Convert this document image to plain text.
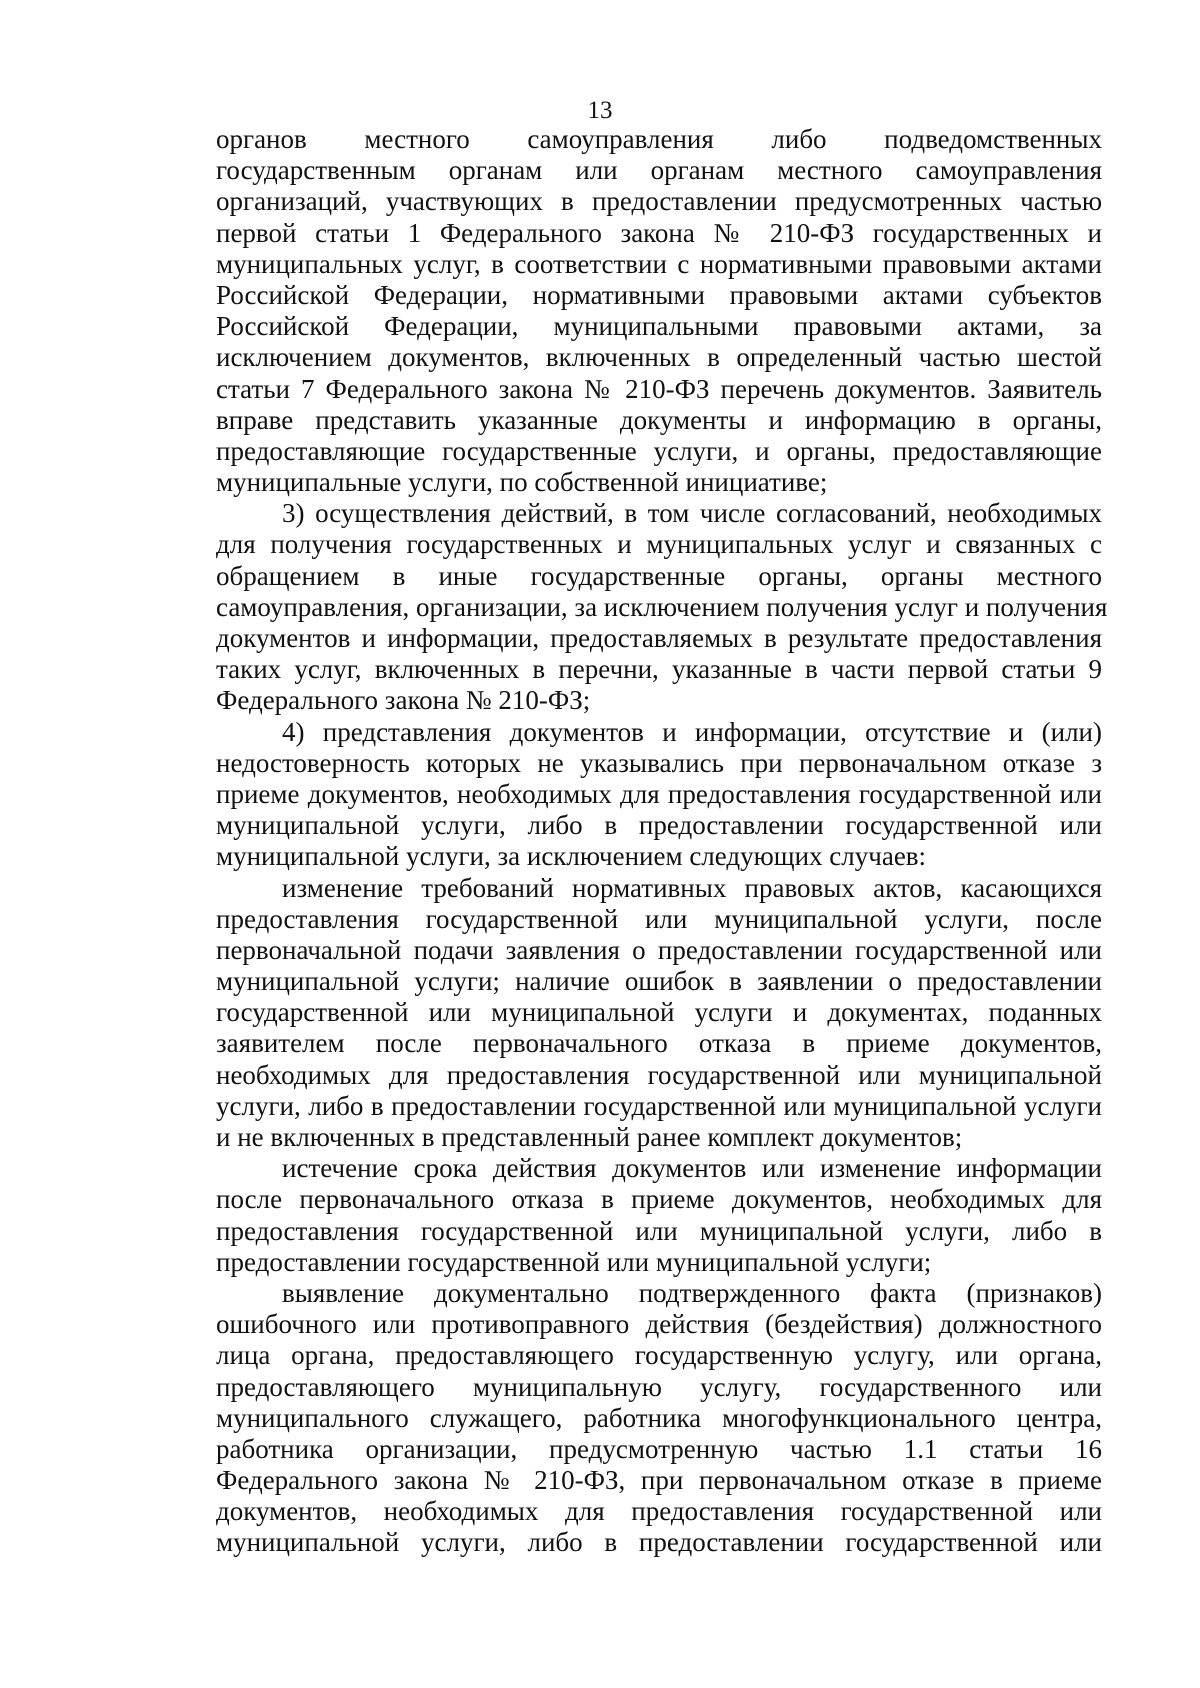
13
органов местного самоуправления либо подведомственных
государственным органам или органам местного самоуправления
организаций, участвующих в предоставлении предусмотренных частью
первой статьи 1 Федерального закона № 210-ФЗ государственных и
муниципальных услуг, в соответствии с нормативными правовыми актами
Российской Федерации, нормативными правовыми актами субъектов
Российской Федерации, муниципальными правовыми актами, за
исключением документов, включенных в определенный частью шестой
статьи 7 Федерального закона № 210-ФЗ перечень документов. Заявитель
вправе представить указанные документы и информацию в органы,
предоставляющие государственные услуги, и органы, предоставляющие
муниципальные услуги, по собственной инициативе;
3) осуществления действий, в том числе согласований, необходимых
для получения государственных и муниципальных услуг и связанных с
обращением в иные государственные органы, органы местного
самоуправления, организации, за исключением получения услуг и получения
документов и информации, предоставляемых в результате предоставления
таких услуг, включенных в перечни, указанные в части первой статьи 9
Федерального закона № 210-ФЗ;
4) представления документов и информации, отсутствие и (или)
недостоверность которых не указывались при первоначальном отказе з
приеме документов, необходимых для предоставления государственной или
муниципальной услуги, либо в предоставлении государственной или
муниципальной услуги, за исключением следующих случаев:
изменение требований нормативных правовых актов, касающихся
предоставления государственной или муниципальной услуги, после
первоначальной подачи заявления о предоставлении государственной или
муниципальной услуги; наличие ошибок в заявлении о предоставлении
государственной или муниципальной услуги и документах, поданных
заявителем после первоначального отказа в приеме документов,
необходимых для предоставления государственной или муниципальной
услуги, либо в предоставлении государственной или муниципальной услуги
и не включенных в представленный ранее комплект документов;
истечение срока действия документов или изменение информации
после первоначального отказа в приеме документов, необходимых для
предоставления государственной или муниципальной услуги, либо в
предоставлении государственной или муниципальной услуги;
выявление документально подтвержденного факта (признаков)
ошибочного или противоправного действия (бездействия) должностного
лица органа, предоставляющего государственную услугу, или органа,
предоставляющего муниципальную услугу, государственного или
муниципального служащего, работника многофункционального центра,
работника организации, предусмотренную частью 1.1 статьи 16
Федерального закона № 210-ФЗ, при первоначальном отказе в приеме
документов, необходимых для предоставления государственной или
муниципальной услуги, либо в предоставлении государственной или
